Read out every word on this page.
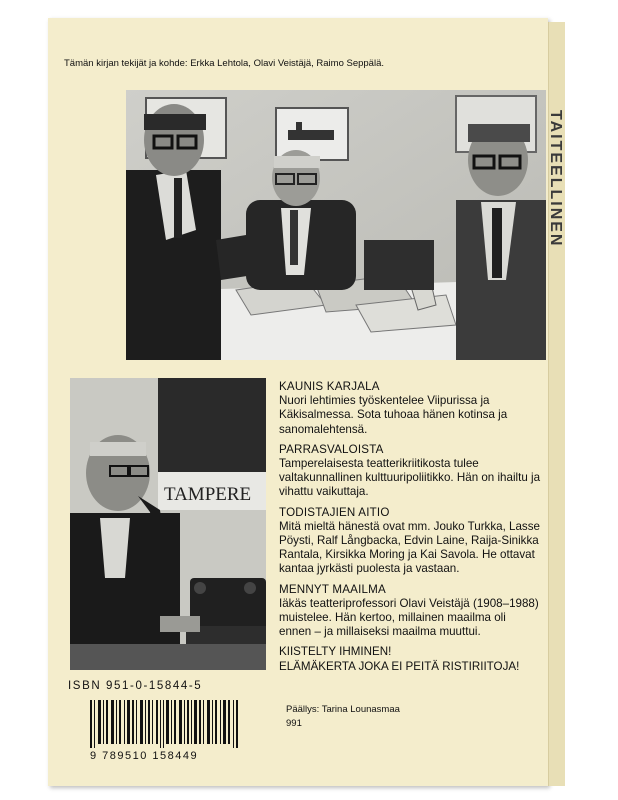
TAITEELLINEN
Tämän kirjan tekijät ja kohde: Erkka Lehtola, Olavi Veistäjä, Raimo Seppälä.
TAMPERE
KAUNIS KARJALA
Nuori lehtimies työskentelee Viipurissa ja Käkisalmessa. Sota tuhoaa hänen kotinsa ja sanomalehtensä.
PARRASVALOISTA
Tamperelaisesta teatterikriitikosta tulee valtakunnallinen kulttuuripoliitikko. Hän on ihailtu ja vihattu vaikuttaja.
TODISTAJIEN AITIO
Mitä mieltä hänestä ovat mm. Jouko Turkka, Lasse Pöysti, Ralf Långbacka, Edvin Laine, Raija-Sinikka Rantala, Kirsikka Moring ja Kai Savola. He ottavat kantaa jyrkästi puolesta ja vastaan.
MENNYT MAAILMA
Iäkäs teatteriprofessori Olavi Veistäjä (1908–1988) muistelee. Hän kertoo, millainen maailma oli ennen – ja millaiseksi maailma muuttui.
KIISTELTY IHMINEN!
ELÄMÄKERTA JOKA EI PEITÄ RISTIRIITOJA!
Päällys: Tarina Lounasmaa
991
ISBN 951-0-15844-5
9 789510 158449
